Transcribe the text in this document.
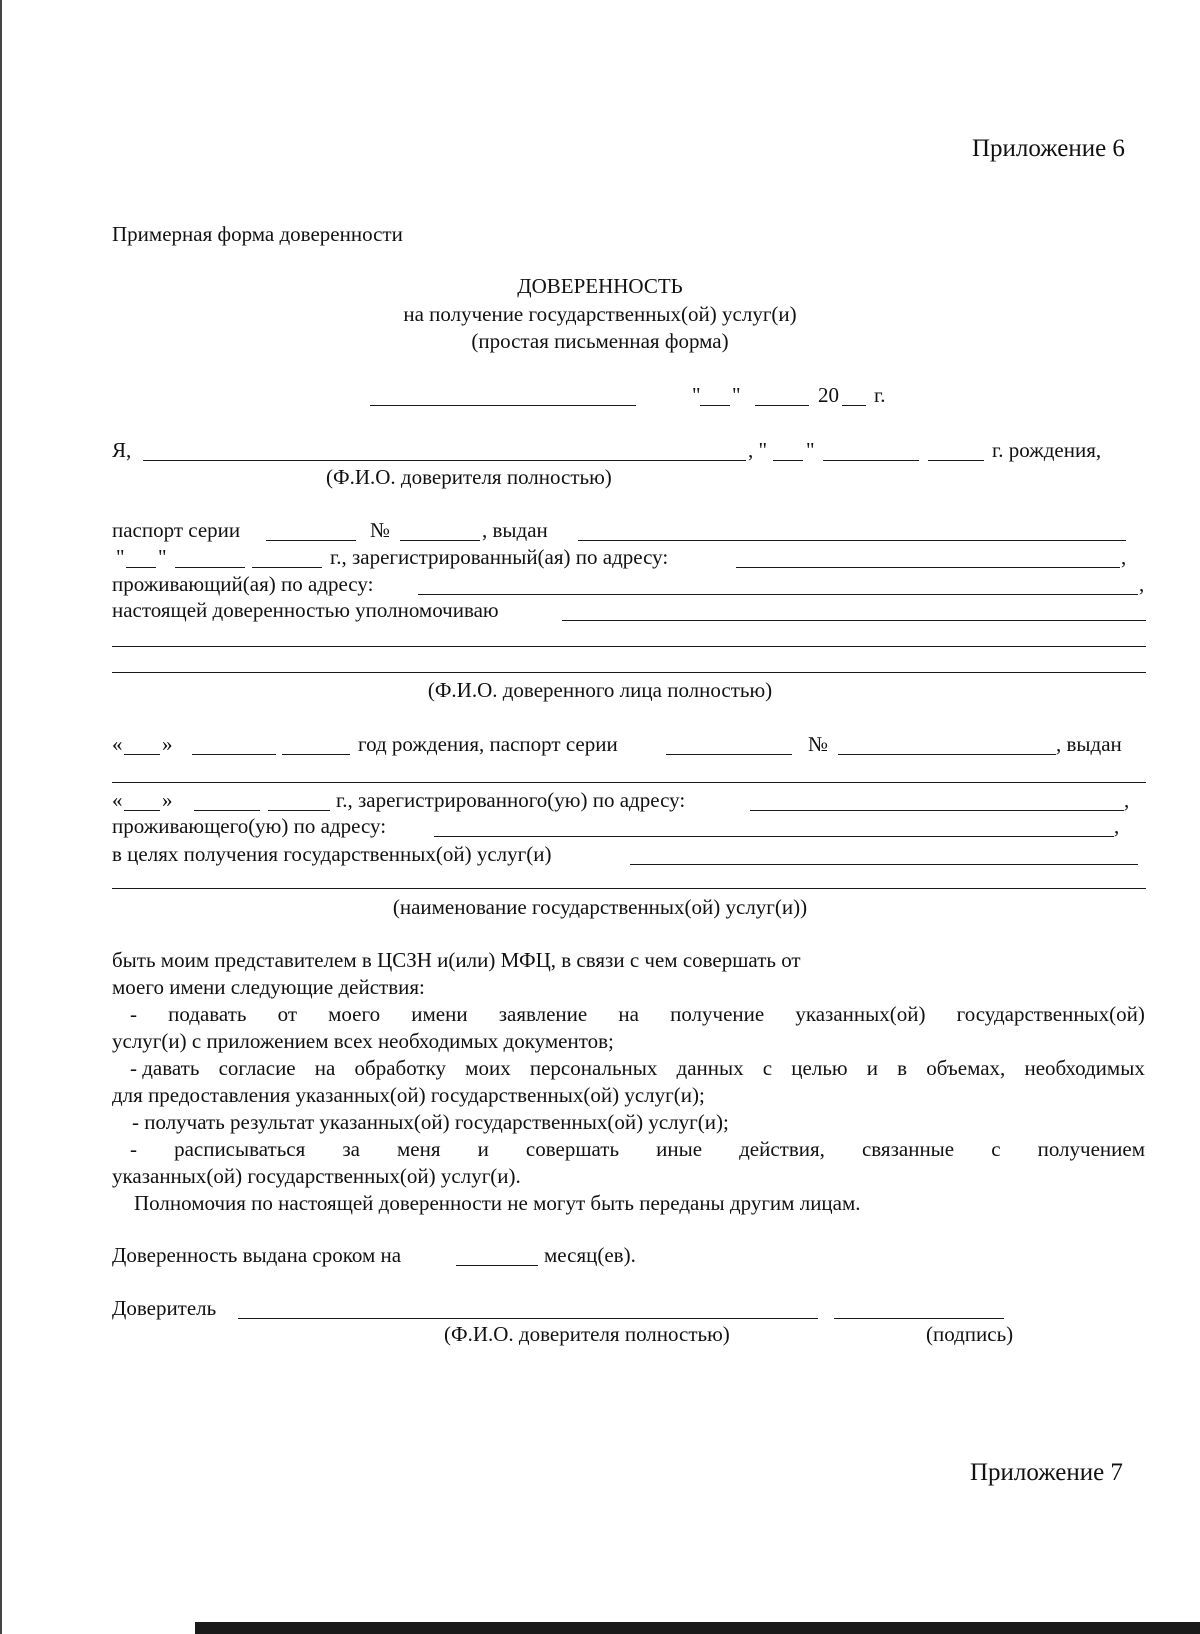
Приложение 6
Примерная форма доверенности
ДОВЕРЕННОСТЬ
на получение государственных(ой) услуг(и)
(простая письменная форма)
" "	20 г.
Я,	, " "	г. рождения,
(Ф.И.О. доверителя полностью)
паспорт серии	№	, выдан
" "	г., зарегистрированный(ая) по адресу:	,
проживающий(ая) по адресу:	,
настоящей доверенностью уполномочиваю
(Ф.И.О. доверенного лица полностью)
« »	год рождения, паспорт серии	№	, выдан
« »	г., зарегистрированного(ую) по адресу:	,
проживающего(ую) по адресу:	,
в целях получения государственных(ой) услуг(и)
(наименование государственных(ой) услуг(и))
быть моим представителем в ЦСЗН и(или) МФЦ, в связи с чем совершать от
моего имени следующие действия:
- подавать от моего имени заявление на получение указанных(ой) государственных(ой)
услуг(и) с приложением всех необходимых документов;
- давать согласие на обработку моих персональных данных с целью и в объемах, необходимых
для предоставления указанных(ой) государственных(ой) услуг(и);
- получать результат указанных(ой) государственных(ой) услуг(и);
- расписываться за меня и совершать иные действия, связанные с получением
указанных(ой) государственных(ой) услуг(и).
Полномочия по настоящей доверенности не могут быть переданы другим лицам.
Доверенность выдана сроком на	месяц(ев).
Доверитель
(Ф.И.О. доверителя полностью)	(подпись)
Приложение 7
